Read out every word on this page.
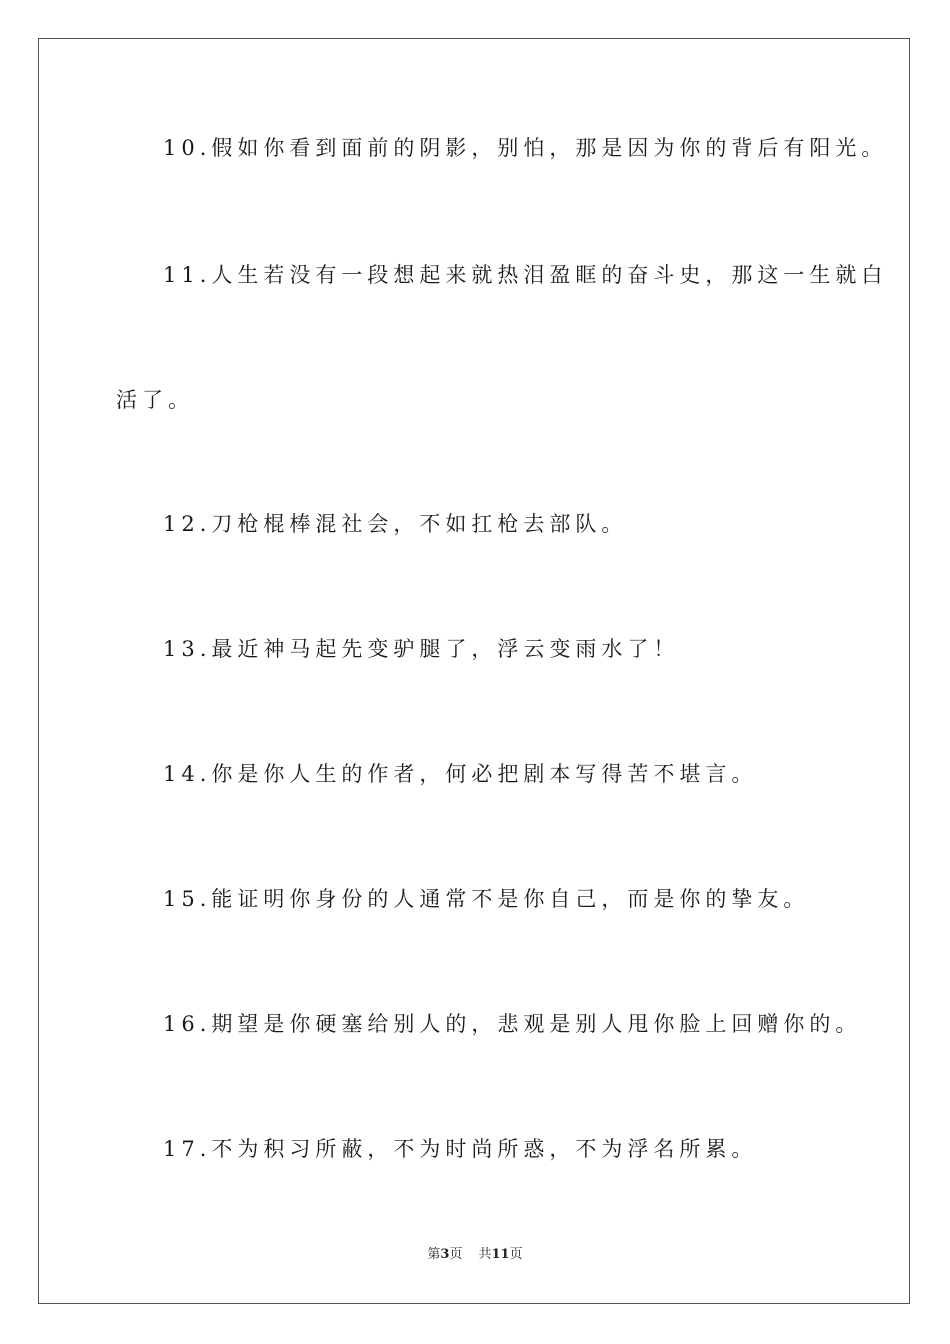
10.假如你看到面前的阴影，别怕，那是因为你的背后有阳光。
11.人生若没有一段想起来就热泪盈眶的奋斗史，那这一生就白
活了。
12.刀枪棍棒混社会，不如扛枪去部队。
13.最近神马起先变驴腿了，浮云变雨水了！
14.你是你人生的作者，何必把剧本写得苦不堪言。
15.能证明你身份的人通常不是你自己，而是你的挚友。
16.期望是你硬塞给别人的，悲观是别人甩你脸上回赠你的。
17.不为积习所蔽，不为时尚所惑，不为浮名所累。
第3页 共11页
